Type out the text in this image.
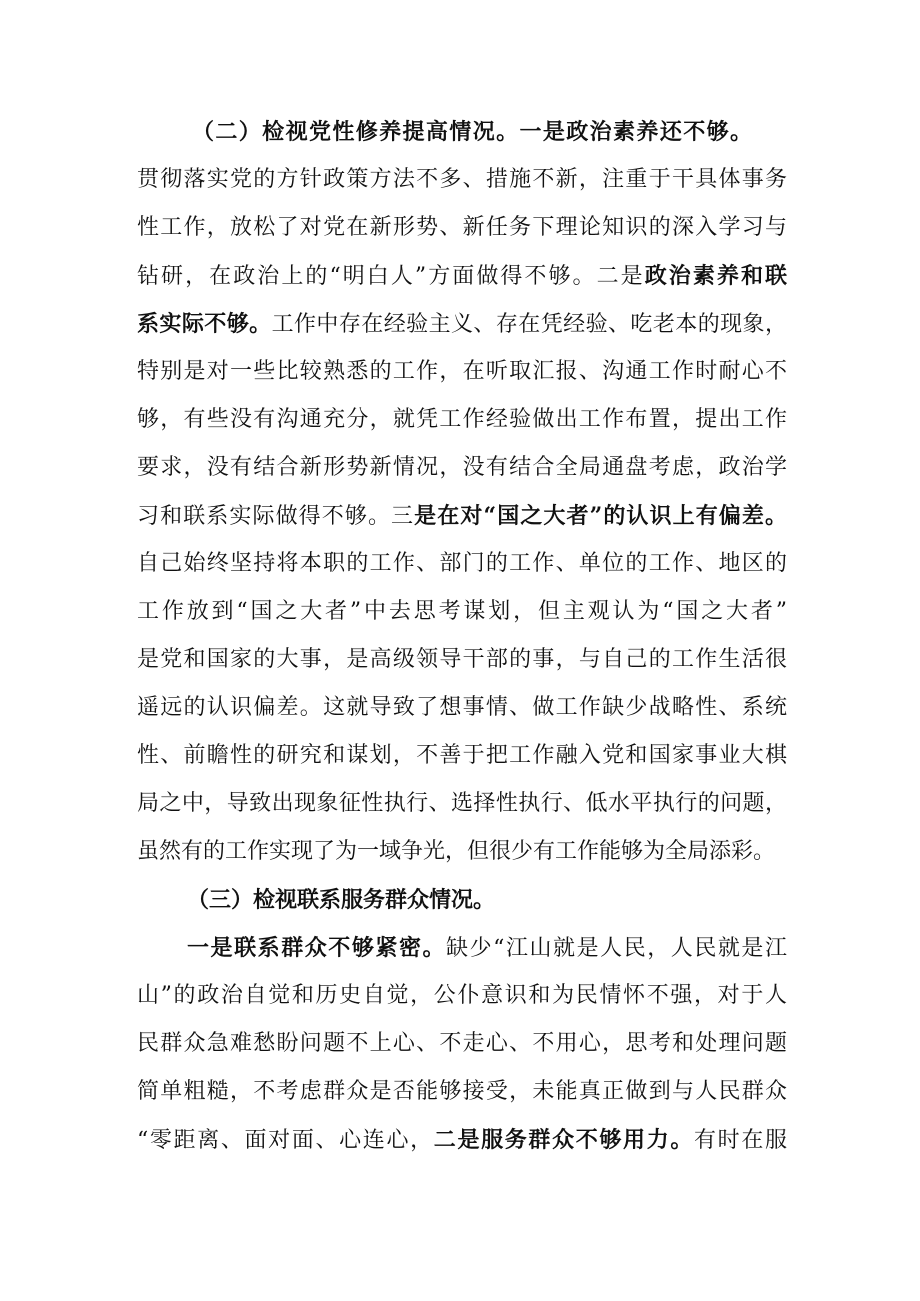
（二）检视党性修养提高情况。一是政治素养还不够。
贯彻落实党的方针政策方法不多、措施不新，注重于干具体事务
性工作，放松了对党在新形势、新任务下理论知识的深入学习与
钻研，在政治上的“明白人”方面做得不够。二是政治素养和联
系实际不够。工作中存在经验主义、存在凭经验、吃老本的现象，
特别是对一些比较熟悉的工作，在听取汇报、沟通工作时耐心不
够，有些没有沟通充分，就凭工作经验做出工作布置，提出工作
要求，没有结合新形势新情况，没有结合全局通盘考虑，政治学
习和联系实际做得不够。三是在对“国之大者”的认识上有偏差。
自己始终坚持将本职的工作、部门的工作、单位的工作、地区的
工作放到“国之大者”中去思考谋划，但主观认为“国之大者”
是党和国家的大事，是高级领导干部的事，与自己的工作生活很
遥远的认识偏差。这就导致了想事情、做工作缺少战略性、系统
性、前瞻性的研究和谋划，不善于把工作融入党和国家事业大棋
局之中，导致出现象征性执行、选择性执行、低水平执行的问题，
虽然有的工作实现了为一域争光，但很少有工作能够为全局添彩。
（三）检视联系服务群众情况。
一是联系群众不够紧密。缺少“江山就是人民，人民就是江
山”的政治自觉和历史自觉，公仆意识和为民情怀不强，对于人
民群众急难愁盼问题不上心、不走心、不用心，思考和处理问题
简单粗糙，不考虑群众是否能够接受，未能真正做到与人民群众
“零距离、面对面、心连心，二是服务群众不够用力。有时在服
